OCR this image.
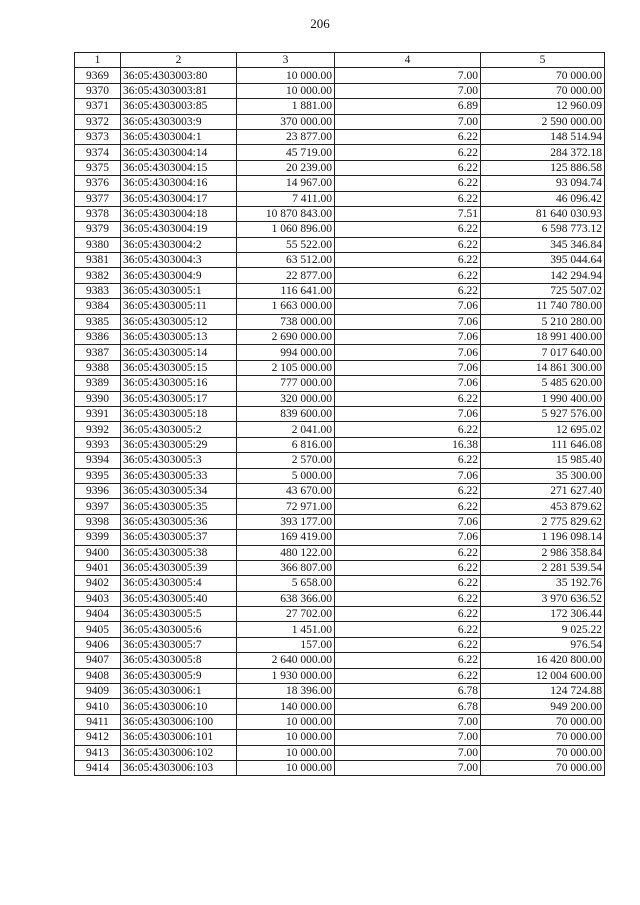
206
1	2	3	4	5
9369	36:05:4303003:80	10 000.00	7.00	70 000.00
9370	36:05:4303003:81	10 000.00	7.00	70 000.00
9371	36:05:4303003:85	1 881.00	6.89	12 960.09
9372	36:05:4303003:9	370 000.00	7.00	2 590 000.00
9373	36:05:4303004:1	23 877.00	6.22	148 514.94
9374	36:05:4303004:14	45 719.00	6.22	284 372.18
9375	36:05:4303004:15	20 239.00	6.22	125 886.58
9376	36:05:4303004:16	14 967.00	6.22	93 094.74
9377	36:05:4303004:17	7 411.00	6.22	46 096.42
9378	36:05:4303004:18	10 870 843.00	7.51	81 640 030.93
9379	36:05:4303004:19	1 060 896.00	6.22	6 598 773.12
9380	36:05:4303004:2	55 522.00	6.22	345 346.84
9381	36:05:4303004:3	63 512.00	6.22	395 044.64
9382	36:05:4303004:9	22 877.00	6.22	142 294.94
9383	36:05:4303005:1	116 641.00	6.22	725 507.02
9384	36:05:4303005:11	1 663 000.00	7.06	11 740 780.00
9385	36:05:4303005:12	738 000.00	7.06	5 210 280.00
9386	36:05:4303005:13	2 690 000.00	7.06	18 991 400.00
9387	36:05:4303005:14	994 000.00	7.06	7 017 640.00
9388	36:05:4303005:15	2 105 000.00	7.06	14 861 300.00
9389	36:05:4303005:16	777 000.00	7.06	5 485 620.00
9390	36:05:4303005:17	320 000.00	6.22	1 990 400.00
9391	36:05:4303005:18	839 600.00	7.06	5 927 576.00
9392	36:05:4303005:2	2 041.00	6.22	12 695.02
9393	36:05:4303005:29	6 816.00	16.38	111 646.08
9394	36:05:4303005:3	2 570.00	6.22	15 985.40
9395	36:05:4303005:33	5 000.00	7.06	35 300.00
9396	36:05:4303005:34	43 670.00	6.22	271 627.40
9397	36:05:4303005:35	72 971.00	6.22	453 879.62
9398	36:05:4303005:36	393 177.00	7.06	2 775 829.62
9399	36:05:4303005:37	169 419.00	7.06	1 196 098.14
9400	36:05:4303005:38	480 122.00	6.22	2 986 358.84
9401	36:05:4303005:39	366 807.00	6.22	2 281 539.54
9402	36:05:4303005:4	5 658.00	6.22	35 192.76
9403	36:05:4303005:40	638 366.00	6.22	3 970 636.52
9404	36:05:4303005:5	27 702.00	6.22	172 306.44
9405	36:05:4303005:6	1 451.00	6.22	9 025.22
9406	36:05:4303005:7	157.00	6.22	976.54
9407	36:05:4303005:8	2 640 000.00	6.22	16 420 800.00
9408	36:05:4303005:9	1 930 000.00	6.22	12 004 600.00
9409	36:05:4303006:1	18 396.00	6.78	124 724.88
9410	36:05:4303006:10	140 000.00	6.78	949 200.00
9411	36:05:4303006:100	10 000.00	7.00	70 000.00
9412	36:05:4303006:101	10 000.00	7.00	70 000.00
9413	36:05:4303006:102	10 000.00	7.00	70 000.00
9414	36:05:4303006:103	10 000.00	7.00	70 000.00
